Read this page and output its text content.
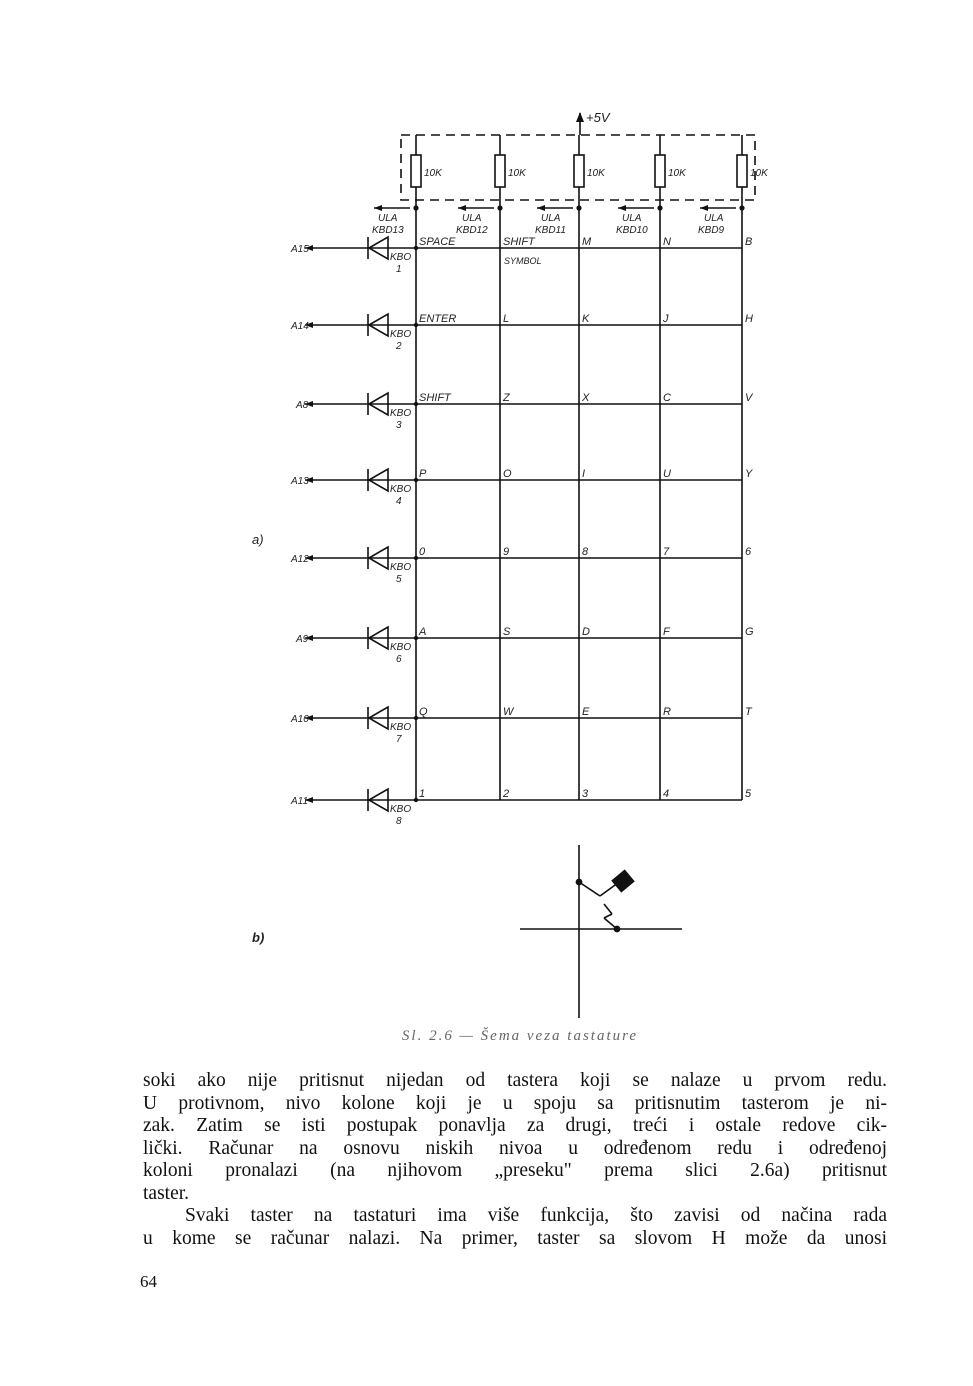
10K
ULA
KBD13
10K
ULA
KBD12
10K
ULA
KBD11
10K
ULA
KBD10
10K
ULA
KBD9
A15
KBO
1
SPACE	SHIFT	M	N	B
SYMBOL
A14
KBO
2
ENTER	L	K	J	H
A8
KBO
3
SHIFT	Z	X	C	V
A13
KBO
4
P	O	I	U	Y
A12
KBO
5
0	9	8	7	6
A9
KBO
6
A	S	D	F	G
A10
KBO
7
Q	W	E	R	T
A11
KBO
8
1	2	3	4	5
+5V
a)
b)
Sl. 2.6 — Šema veza tastature
soki ako nije pritisnut nijedan od tastera koji se nalaze u prvom redu.
U protivnom, nivo kolone koji je u spoju sa pritisnutim tasterom je ni-
zak. Zatim se isti postupak ponavlja za drugi, treći i ostale redove cik-
lički. Računar na osnovu niskih nivoa u određenom redu i određenoj
koloni pronalazi (na njihovom „preseku" prema slici 2.6a) pritisnut
taster.
Svaki taster na tastaturi ima više funkcija, što zavisi od načina rada
u kome se računar nalazi. Na primer, taster sa slovom H može da unosi
64
